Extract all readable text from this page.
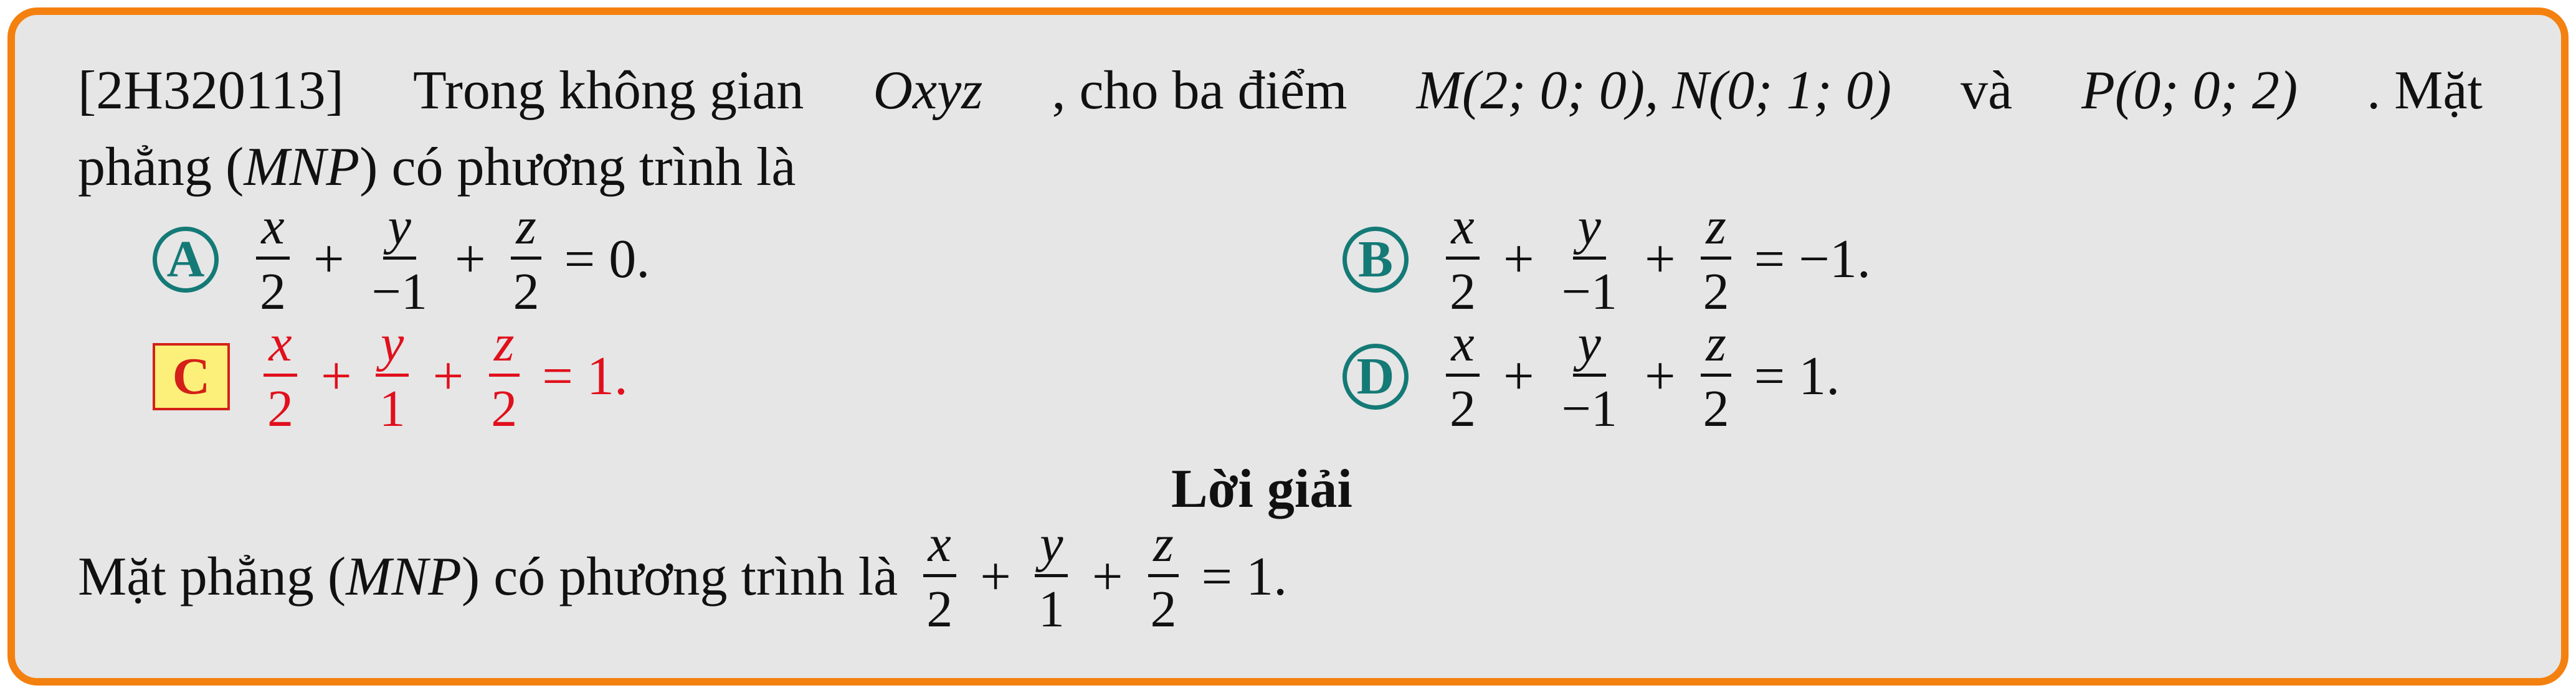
[2H320113] Trong không gian Oxyz , cho ba điểm M(2; 0; 0), N(0; 1; 0) và P(0; 0; 2) . Mặt
phẳng (MNP) có phương trình là
A $\frac{x}{2} + \frac{y}{-1} + \frac{z}{2} = 0$.	B $\frac{x}{2} + \frac{y}{-1} + \frac{z}{2} = -1$.
C $\frac{x}{2} + \frac{y}{1} + \frac{z}{2} = 1$.	D $\frac{x}{2} + \frac{y}{-1} + \frac{z}{2} = 1$.
Lời giải
Mặt phẳng (MNP) có phương trình là $\frac{x}{2} + \frac{y}{1} + \frac{z}{2} = 1$.
